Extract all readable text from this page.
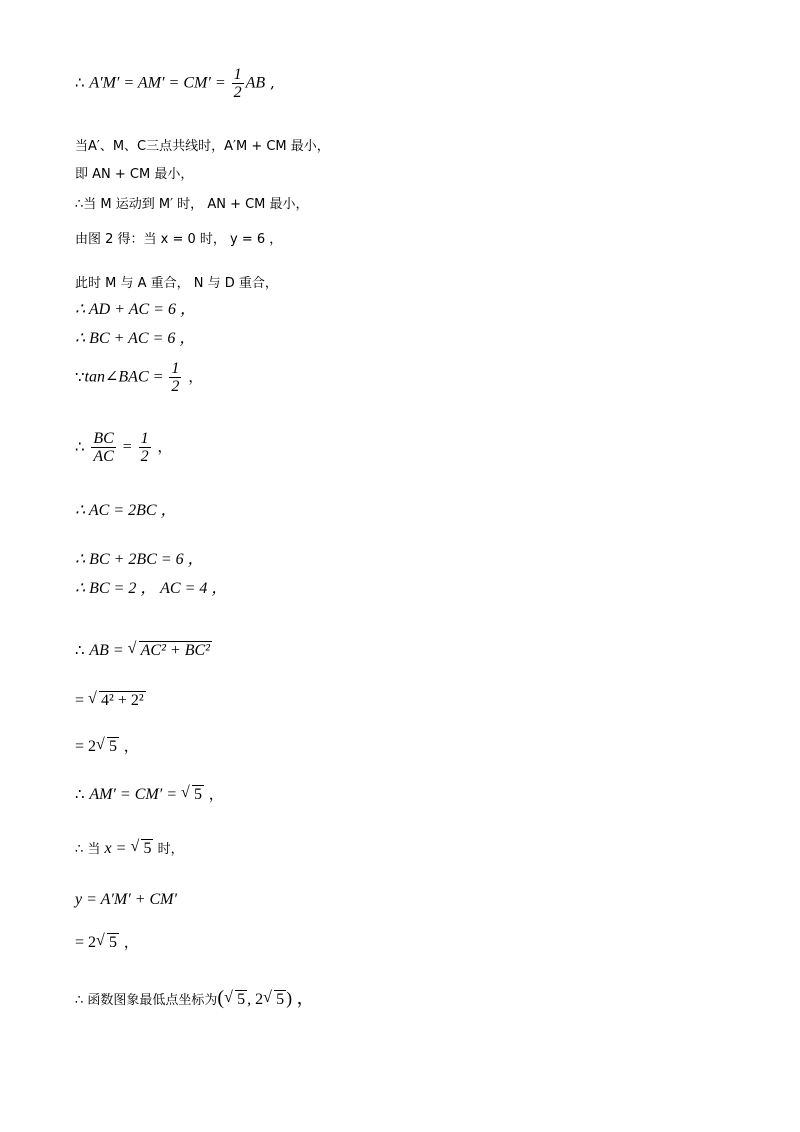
∴ $A'M' = AM' = CM' = \frac{1}{2}$ AB ,
当A′、M、C三点共线时，A′M + CM 最小，
即 AN + CM 最小，
∴当 M 运动到 M′ 时， AN + CM 最小，
由图 2 得：当 x = 0 时， y = 6 ，
此时 M 与 A 重合， N 与 D 重合，
∴ AD + AC = 6 ，
∴ BC + AC = 6 ，
∵tan∠BAC = $\frac{1}{2}$ ，
∴ $\frac{BC}{AC} = \frac{1}{2}$ ，
∴ AC = 2BC ，
∴ BC + 2BC = 6 ，
∴ BC = 2 ， AC = 4 ，
∴ AB = √ AC² + BC²
= √ 4² + 2²
= 2 √ 5 ，
∴ AM′ = CM′ = √ 5 ，
∴ 当 x = √ 5 时，
y = A′M′ + CM′
= 2 √ 5 ，
∴ 函数图象最低点坐标为( √ 5 , 2 √ 5 ) ，
